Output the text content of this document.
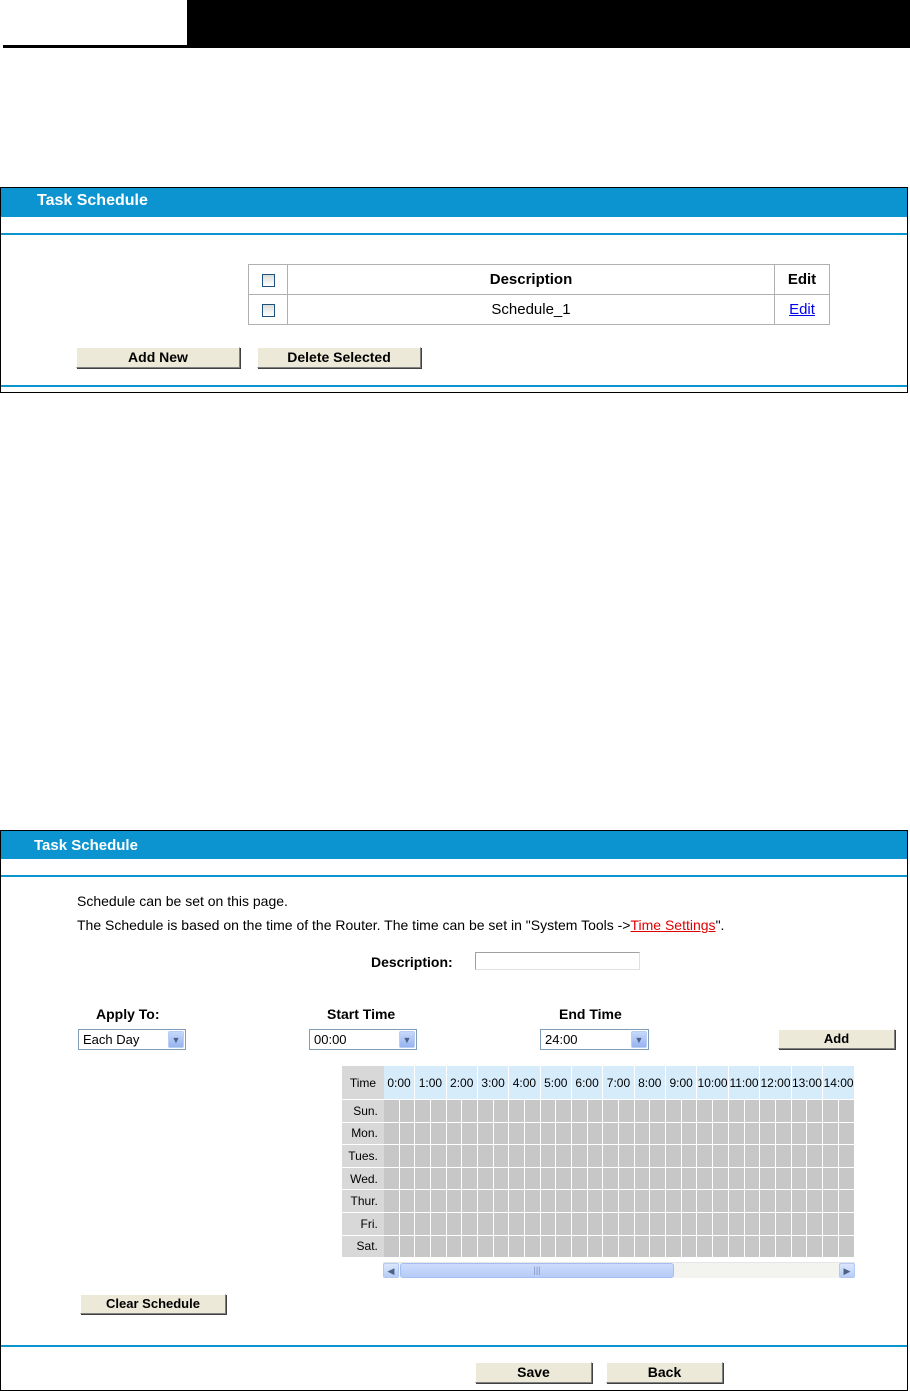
Task Schedule
	Description	Edit
	Schedule_1	Edit
Add New	Delete Selected
Task Schedule
Schedule can be set on this page.
The Schedule is based on the time of the Router. The time can be set in "System Tools ->Time Settings".
Description:
Apply To:	Start Time	End Time
Each Day	▼	00:00	▼	24:00	▼	Add
Time	0:00		1:00		2:00		3:00		4:00		5:00		6:00		7:00		8:00		9:00		10:00		11:00		12:00		13:00		14:00	
Sun.																														
Mon.																														
Tues.																														
Wed.																														
Thur.																														
Fri.																														
Sat.																														
◀	|||	▶
Clear Schedule
Save	Back
